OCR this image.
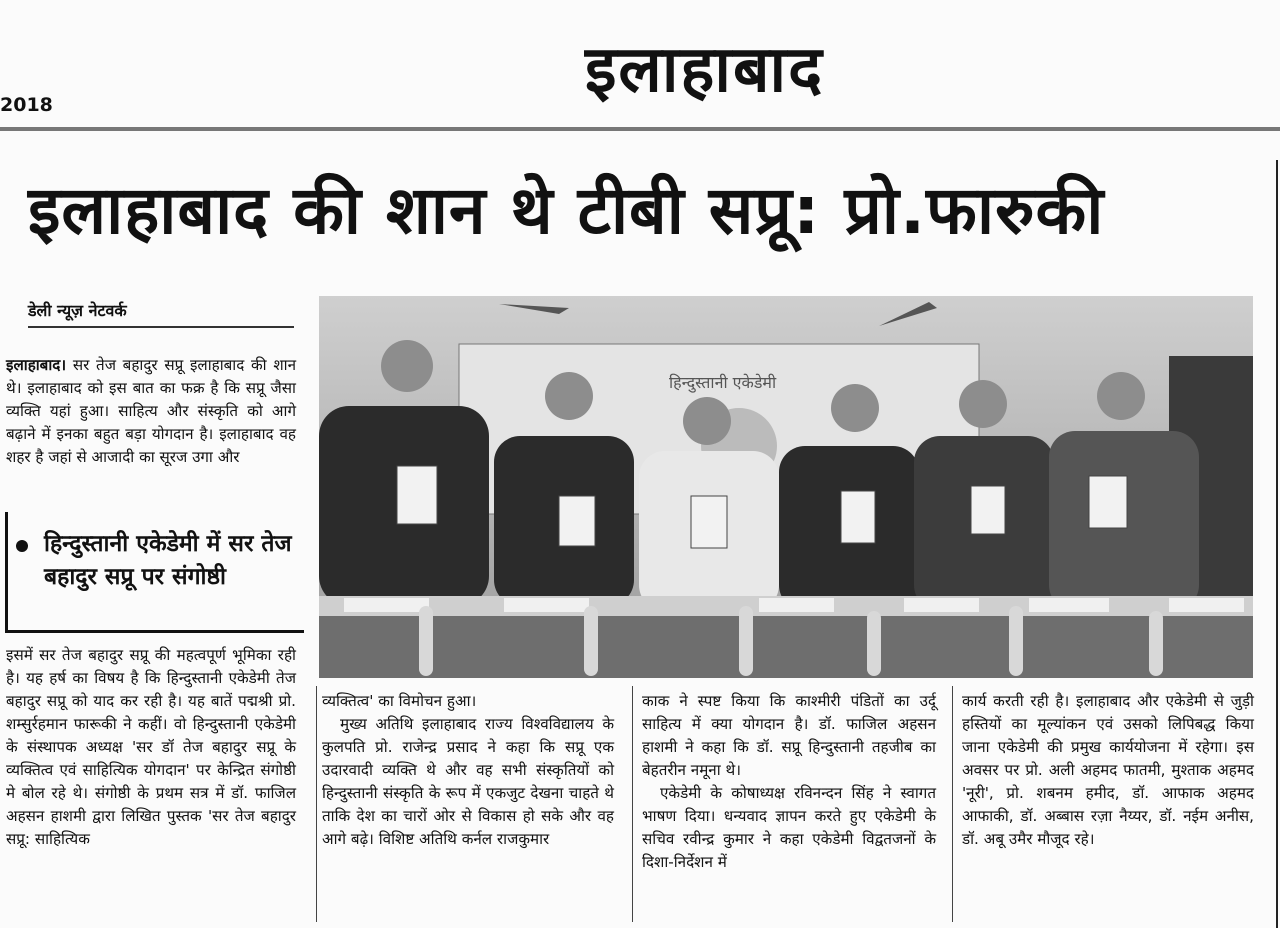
इलाहाबाद
2018
इलाहाबाद की शान थे टीबी सप्रू: प्रो.फारुकी
डेली न्यूज़ नेटवर्क

इलाहाबाद। सर तेज बहादुर सप्रू इलाहाबाद की शान थे। इलाहाबाद को इस बात का फक्र है कि सप्रू जैसा व्यक्ति यहां हुआ। साहित्य और संस्कृति को आगे बढ़ाने में इनका बहुत बड़ा योगदान है। इलाहाबाद वह शहर है जहां से आजादी का सूरज उगा और

हिन्दुस्तानी एकेडेमी में सर तेज बहादुर सप्रू पर संगोष्ठी

इसमें सर तेज बहादुर सप्रू की महत्वपूर्ण भूमिका रही है। यह हर्ष का विषय है कि हिन्दुस्तानी एकेडेमी तेज बहादुर सप्रू को याद कर रही है। यह बातें पद्मश्री प्रो. शम्सुर्रहमान फारूकी ने कहीं। वो हिन्दुस्तानी एकेडेमी के संस्थापक अध्यक्ष 'सर डॉ तेज बहादुर सप्रू के व्यक्तित्व एवं साहित्यिक योगदान' पर केन्द्रित संगोष्ठी मे बोल रहे थे। संगोष्ठी के प्रथम सत्र में डॉ. फाजिल अहसन हाशमी द्वारा लिखित पुस्तक 'सर तेज बहादुर सप्रू: साहित्यिक

हिन्दुस्तानी एकेडेमी

व्यक्तित्व' का विमोचन हुआ।

मुख्य अतिथि इलाहाबाद राज्य विश्वविद्यालय के कुलपति प्रो. राजेन्द्र प्रसाद ने कहा कि सप्रू एक उदारवादी व्यक्ति थे और वह सभी संस्कृतियों को हिन्दुस्तानी संस्कृति के रूप में एकजुट देखना चाहते थे ताकि देश का चारों ओर से विकास हो सके और वह आगे बढ़े। विशिष्ट अतिथि कर्नल राजकुमार

काक ने स्पष्ट किया कि काश्मीरी पंडितों का उर्दू साहित्य में क्या योगदान है। डॉ. फाजिल अहसन हाशमी ने कहा कि डॉ. सप्रू हिन्दुस्तानी तहजीब का बेहतरीन नमूना थे।

एकेडेमी के कोषाध्यक्ष रविनन्दन सिंह ने स्वागत भाषण दिया। धन्यवाद ज्ञापन करते हुए एकेडेमी के सचिव रवीन्द्र कुमार ने कहा एकेडेमी विद्वतजनों के दिशा-निर्देशन में

कार्य करती रही है। इलाहाबाद और एकेडेमी से जुड़ी हस्तियों का मूल्यांकन एवं उसको लिपिबद्ध किया जाना एकेडेमी की प्रमुख कार्ययोजना में रहेगा। इस अवसर पर प्रो. अली अहमद फातमी, मुश्ताक अहमद 'नूरी', प्रो. शबनम हमीद, डॉ. आफाक अहमद आफाकी, डॉ. अब्बास रज़ा नैय्यर, डॉ. नईम अनीस, डॉ. अबू उमैर मौजूद रहे।
